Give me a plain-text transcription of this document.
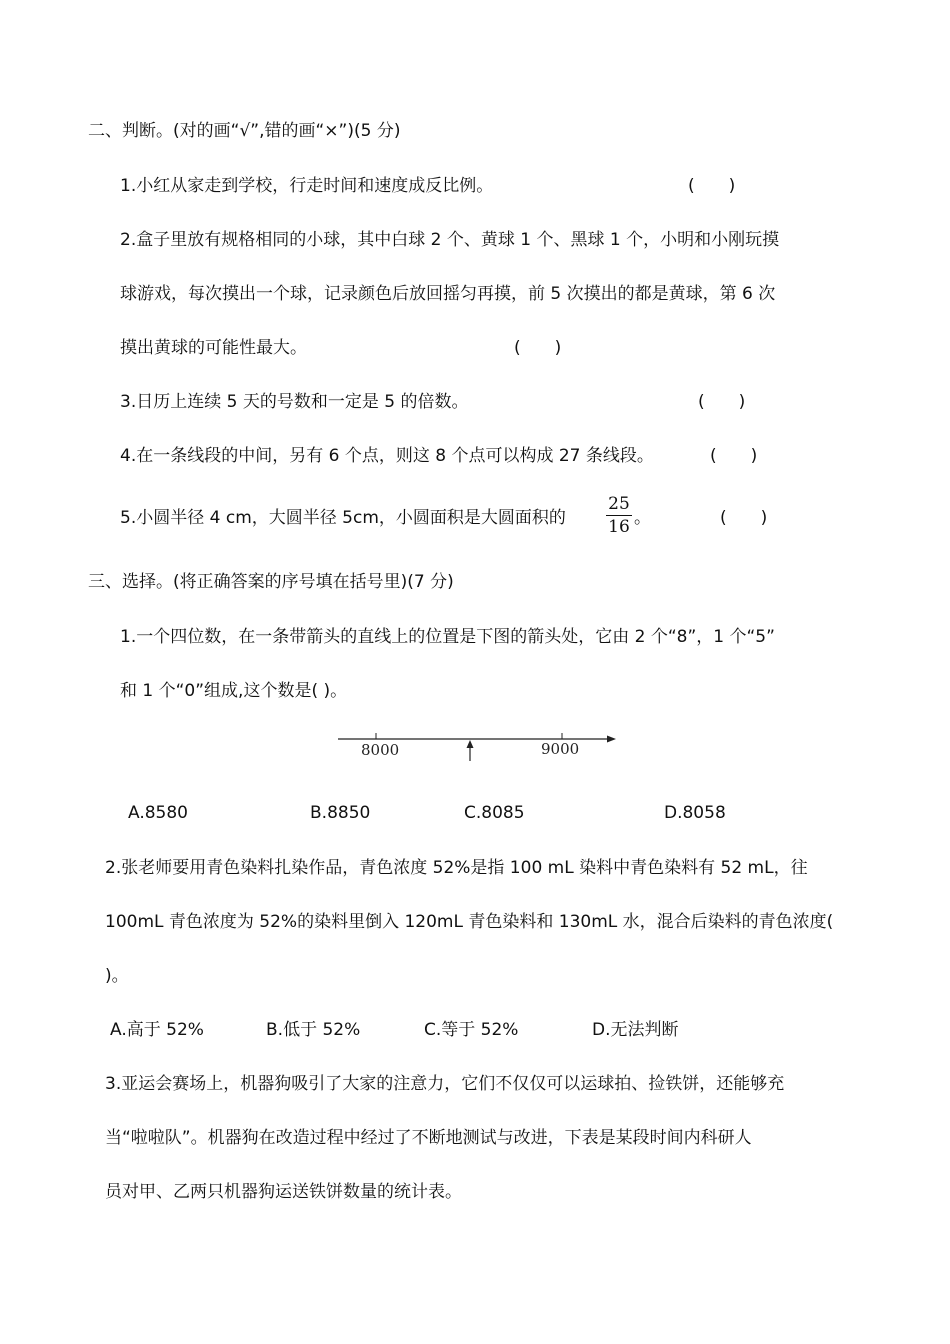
二、判断。(对的画“√”,错的画“×”)(5 分)
1.小红从家走到学校，行走时间和速度成反比例。	(　　)
2.盒子里放有规格相同的小球，其中白球 2 个、黄球 1 个、黑球 1 个，小明和小刚玩摸
球游戏，每次摸出一个球，记录颜色后放回摇匀再摸，前 5 次摸出的都是黄球，第 6 次
摸出黄球的可能性最大。	(　　)
3.日历上连续 5 天的号数和一定是 5 的倍数。	(　　)
4.在一条线段的中间，另有 6 个点，则这 8 个点可以构成 27 条线段。	(　　)
5.小圆半径 4 cm，大圆半径 5cm，小圆面积是大圆面积的 $\frac{25}{16}$ 。	(　　)
三、选择。(将正确答案的序号填在括号里)(7 分)
1.一个四位数，在一条带箭头的直线上的位置是下图的箭头处，它由 2 个“8”，1 个“5”
和 1 个“0”组成,这个数是( )。
8000	9000
A.8580	B.8850	C.8085	D.8058
2.张老师要用青色染料扎染作品，青色浓度 52%是指 100 mL 染料中青色染料有 52 mL，往
100mL 青色浓度为 52%的染料里倒入 120mL 青色染料和 130mL 水，混合后染料的青色浓度(
)。
A.高于 52%	B.低于 52%	C.等于 52%	D.无法判断
3.亚运会赛场上，机器狗吸引了大家的注意力，它们不仅仅可以运球拍、捡铁饼，还能够充
当“啦啦队”。机器狗在改造过程中经过了不断地测试与改进，下表是某段时间内科研人
员对甲、乙两只机器狗运送铁饼数量的统计表。
